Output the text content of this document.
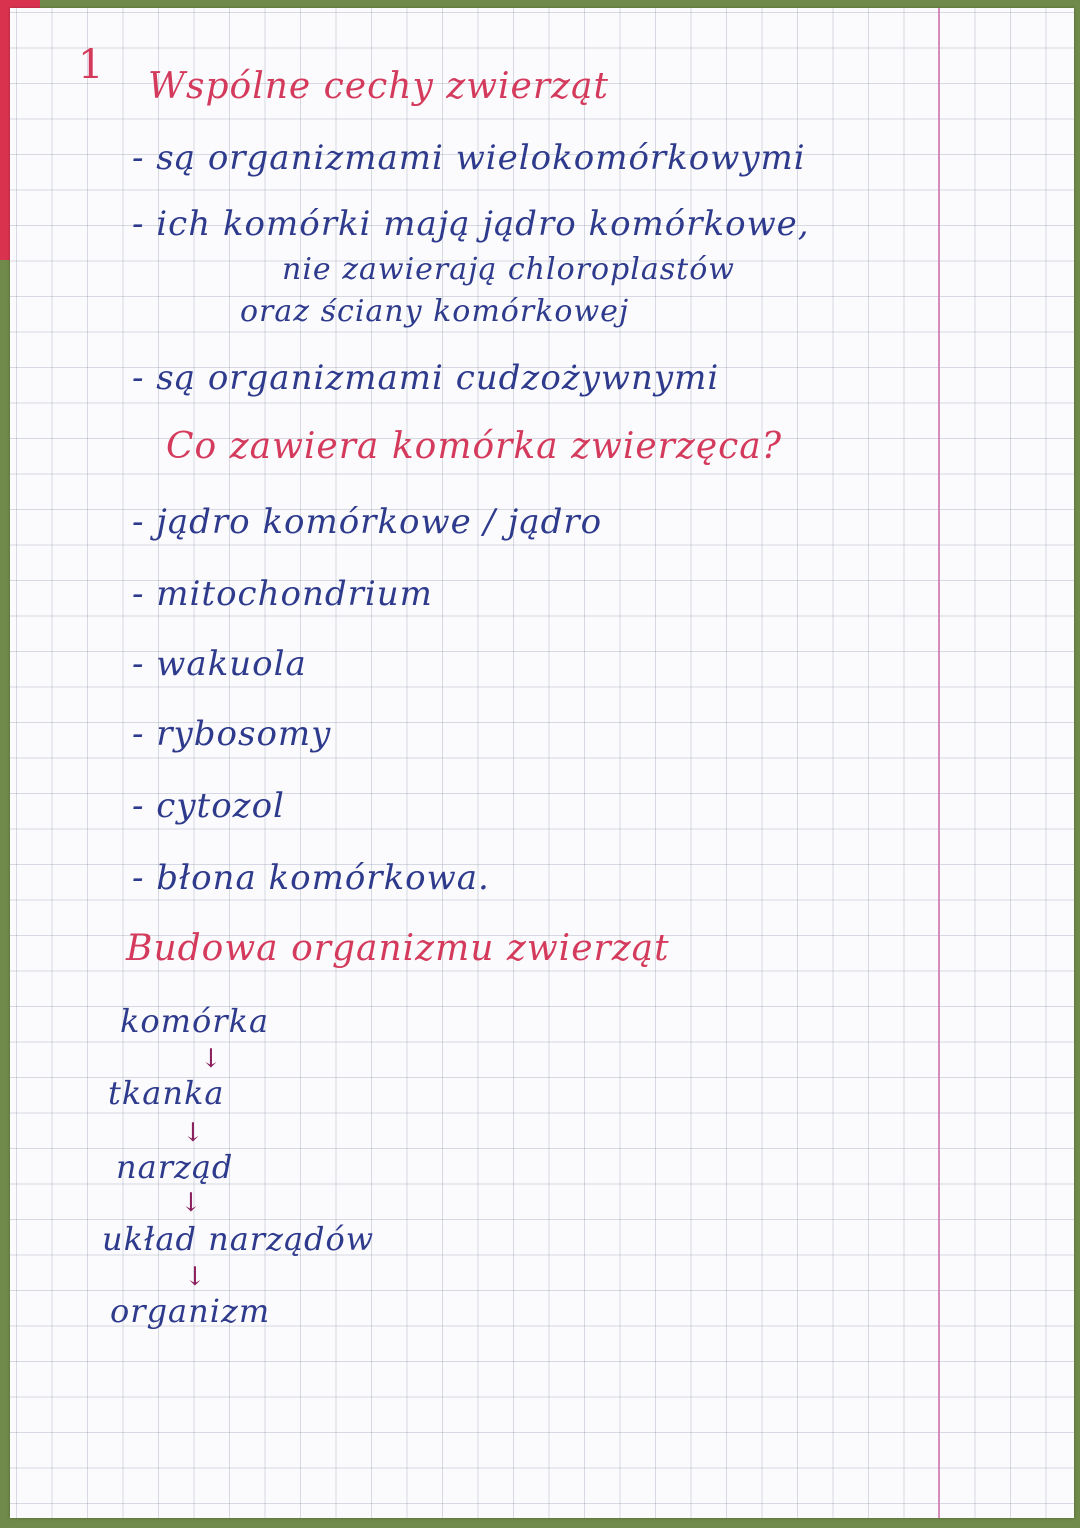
1 Wspólne cechy zwierząt

- są organizmami wielokomórkowymi

- ich komórki mają jądro komórkowe,

nie zawierają chloroplastów

oraz ściany komórkowej

- są organizmami cudzożywnymi

Co zawiera komórka zwierzęca?

- jądro komórkowe / jądro

- mitochondrium

- wakuola

- rybosomy

- cytozol

- błona komórkowa.

Budowa organizmu zwierząt

komórka

↓

tkanka

↓

narząd

↓

układ narządów

↓

organizm
